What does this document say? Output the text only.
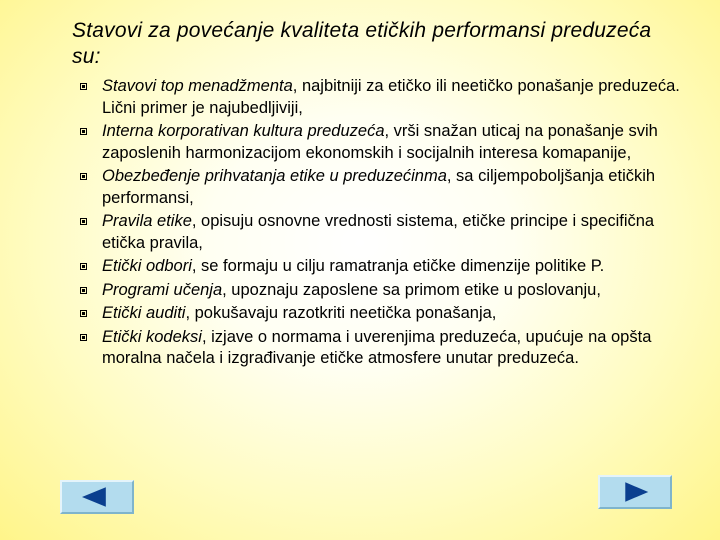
Stavovi za povećanje kvaliteta etičkih performansi preduzeća su:
Stavovi top menadžmenta, najbitniji za etičko ili neetičko ponašanje preduzeća. Lični primer je najubedljiviji,
Interna korporativan kultura preduzeća, vrši snažan uticaj na ponašanje svih zaposlenih harmonizacijom ekonomskih i socijalnih interesa komapanije,
Obezbeđenje prihvatanja etike u preduzećinma, sa ciljempoboljšanja etičkih performansi,
Pravila etike, opisuju osnovne vrednosti sistema, etičke principe i specifična etička pravila,
Etički odbori, se formaju u cilju ramatranja etičke dimenzije politike P.
Programi učenja, upoznaju zaposlene sa primom etike u poslovanju,
Etički auditi, pokušavaju razotkriti neetička ponašanja,
Etički kodeksi, izjave o normama i uverenjima preduzeća, upućuje na opšta moralna načela i izgrađivanje etičke atmosfere unutar preduzeća.
